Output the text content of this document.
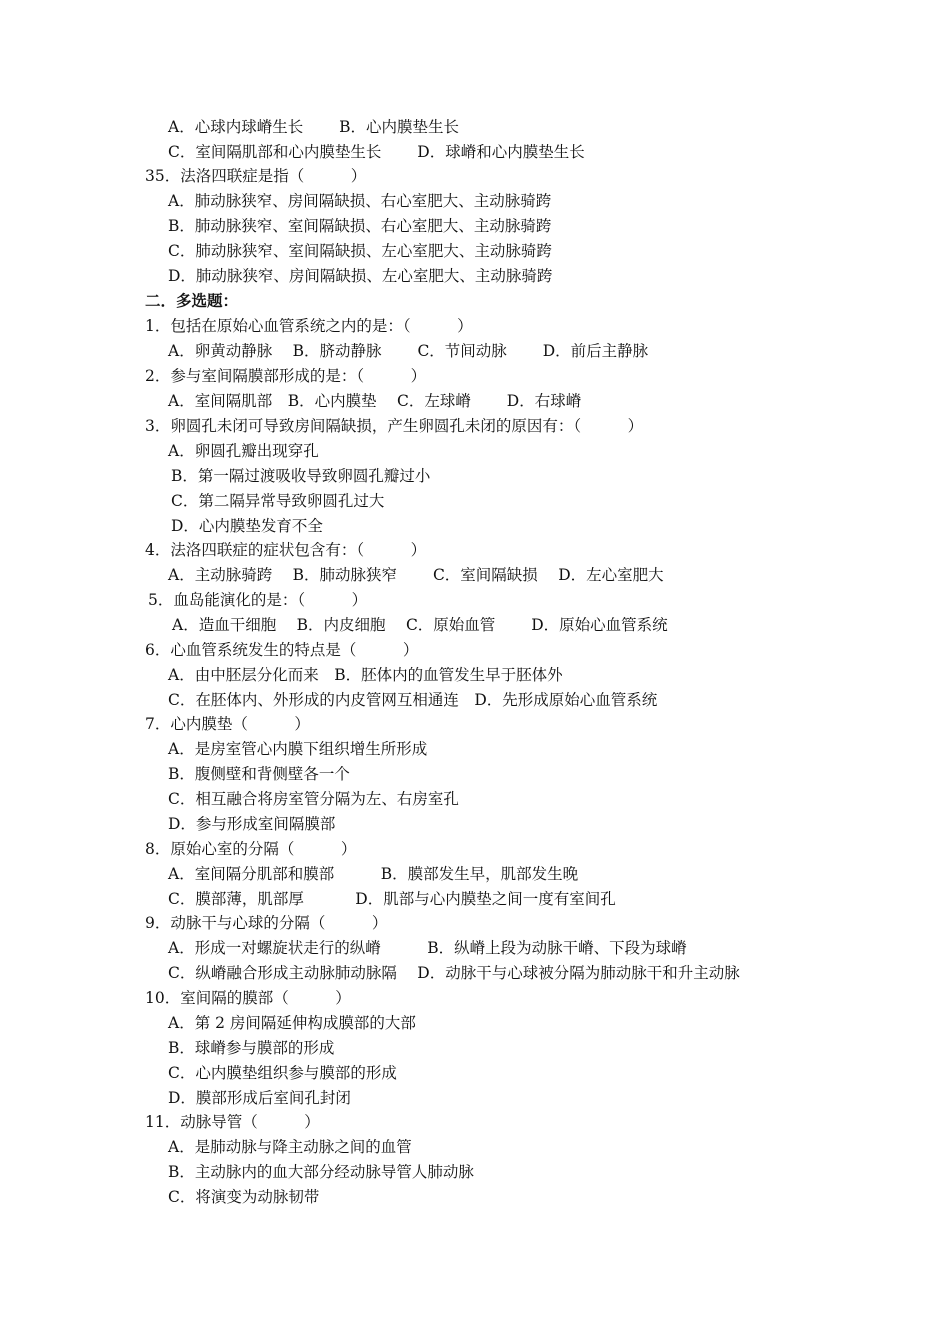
A．心球内球嵴生长　　 B．心内膜垫生长
C．室间隔肌部和心内膜垫生长　　 D．球嵴和心内膜垫生长
35．法洛四联症是指（　　　）
A．肺动脉狭窄、房间隔缺损、右心室肥大、主动脉骑跨
B．肺动脉狭窄、室间隔缺损、右心室肥大、主动脉骑跨
C．肺动脉狭窄、室间隔缺损、左心室肥大、主动脉骑跨
D．肺动脉狭窄、房间隔缺损、左心室肥大、主动脉骑跨
二．多选题：
1．包括在原始心血管系统之内的是：（　　　）
A．卵黄动静脉　 B．脐动静脉　　 C．节间动脉　　 D．前后主静脉
2．参与室间隔膜部形成的是：（　　　）
A．室间隔肌部　B．心内膜垫　 C．左球嵴　　 D．右球嵴
3．卵圆孔未闭可导致房间隔缺损，产生卵圆孔未闭的原因有：（　　　）
A．卵圆孔瓣出现穿孔
B．第一隔过渡吸收导致卵圆孔瓣过小
C．第二隔异常导致卵圆孔过大
D．心内膜垫发育不全
4．法洛四联症的症状包含有：（　　　）
A．主动脉骑跨　 B．肺动脉狭窄　　 C．室间隔缺损　 D．左心室肥大
5．血岛能演化的是：（　　　）
A．造血干细胞　 B．内皮细胞　 C．原始血管　　 D．原始心血管系统
6．心血管系统发生的特点是（　　　）
A．由中胚层分化而来　B．胚体内的血管发生早于胚体外
C．在胚体内、外形成的内皮管网互相通连　D．先形成原始心血管系统
7．心内膜垫（　　　）
A．是房室管心内膜下组织增生所形成
B．腹侧壁和背侧壁各一个
C．相互融合将房室管分隔为左、右房室孔
D．参与形成室间隔膜部
8．原始心室的分隔（　　　）
A．室间隔分肌部和膜部　　　B．膜部发生早，肌部发生晚
C．膜部薄，肌部厚　　　 D．肌部与心内膜垫之间一度有室间孔
9．动脉干与心球的分隔（　　　）
A．形成一对螺旋状走行的纵嵴　　　B．纵嵴上段为动脉干嵴、下段为球嵴
C．纵嵴融合形成主动脉肺动脉隔　 D．动脉干与心球被分隔为肺动脉干和升主动脉
10．室间隔的膜部（　　　）
A．第 2 房间隔延伸构成膜部的大部
B．球嵴参与膜部的形成
C．心内膜垫组织参与膜部的形成
D．膜部形成后室间孔封闭
11．动脉导管（　　　）
A．是肺动脉与降主动脉之间的血管
B．主动脉内的血大部分经动脉导管人肺动脉
C．将演变为动脉韧带
